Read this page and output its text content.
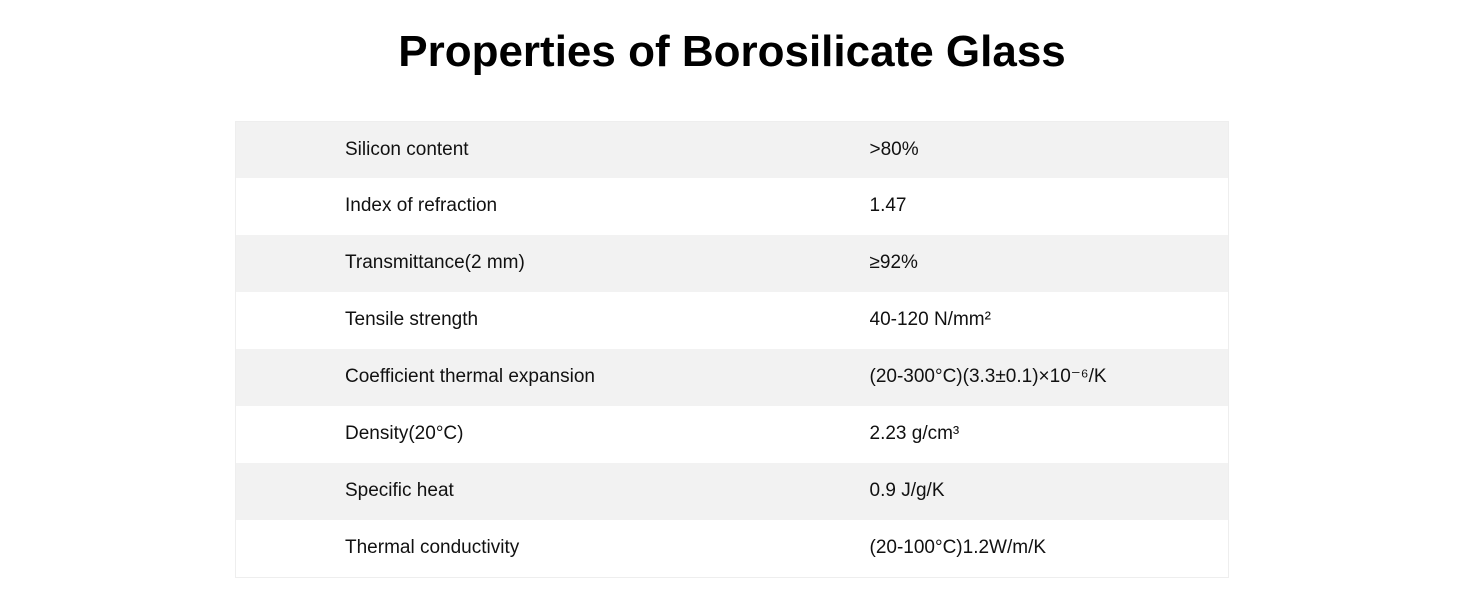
Properties of Borosilicate Glass
Silicon content	>80%
Index of refraction	1.47
Transmittance(2 mm)	≥92%
Tensile strength	40-120 N/mm²
Coefficient thermal expansion	(20-300°C)(3.3±0.1)×10⁻⁶/K
Density(20°C)	2.23 g/cm³
Specific heat	0.9 J/g/K
Thermal conductivity	(20-100°C)1.2W/m/K
